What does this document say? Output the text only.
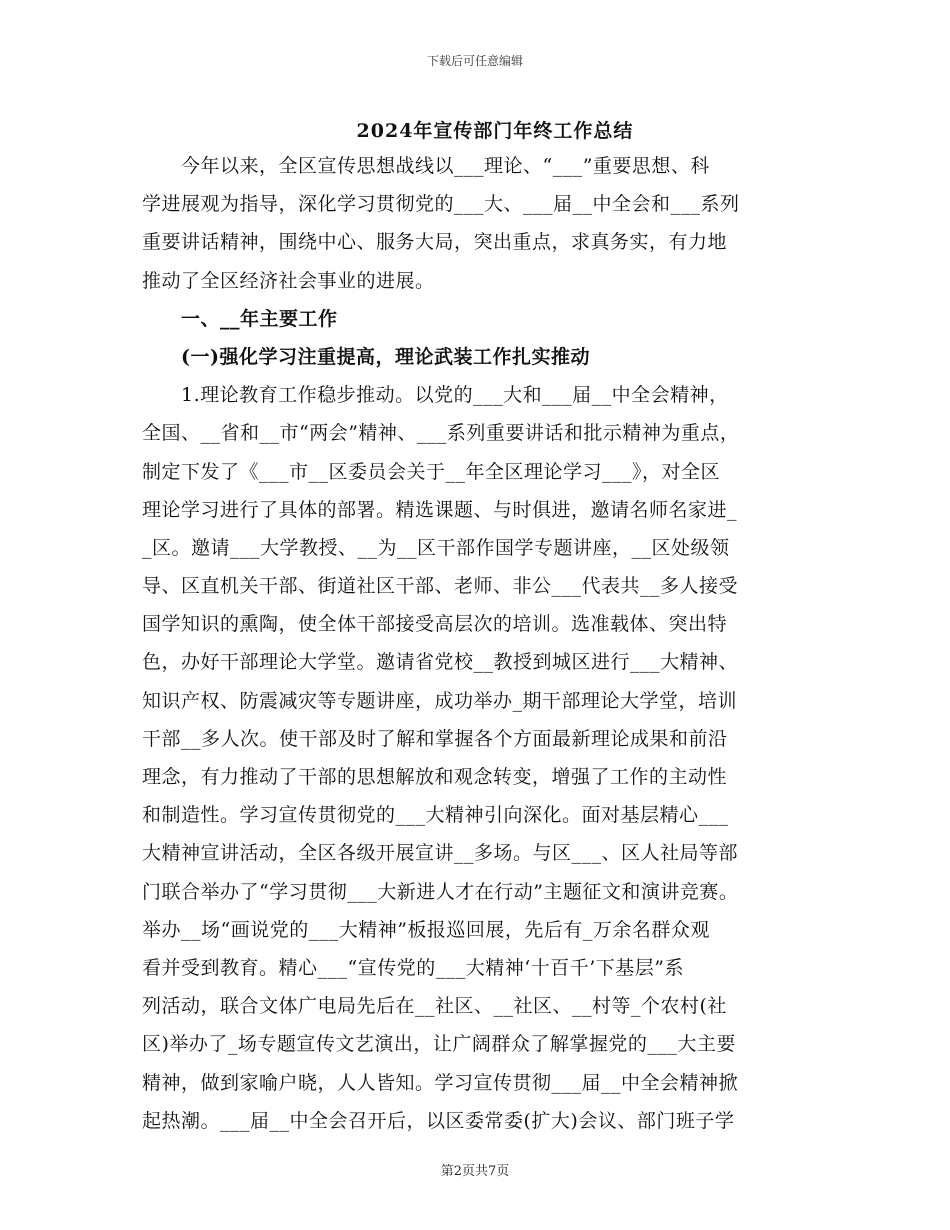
下载后可任意编辑
2024年宣传部门年终工作总结
　　今年以来，全区宣传思想战线以___理论、“___”重要思想、科
学进展观为指导，深化学习贯彻党的___大、___届__中全会和___系列
重要讲话精神，围绕中心、服务大局，突出重点，求真务实，有力地
推动了全区经济社会事业的进展。
　　一、__年主要工作
　　(一)强化学习注重提高，理论武装工作扎实推动
　　1.理论教育工作稳步推动。以党的___大和___届__中全会精神，
全国、__省和__市“两会”精神、___系列重要讲话和批示精神为重点，
制定下发了《___市__区委员会关于__年全区理论学习___》，对全区
理论学习进行了具体的部署。精选课题、与时俱进，邀请名师名家进_
_区。邀请___大学教授、__为__区干部作国学专题讲座，__区处级领
导、区直机关干部、街道社区干部、老师、非公___代表共__多人接受
国学知识的熏陶，使全体干部接受高层次的培训。选准载体、突出特
色，办好干部理论大学堂。邀请省党校__教授到城区进行___大精神、
知识产权、防震减灾等专题讲座，成功举办_期干部理论大学堂，培训
干部__多人次。使干部及时了解和掌握各个方面最新理论成果和前沿
理念，有力推动了干部的思想解放和观念转变，增强了工作的主动性
和制造性。学习宣传贯彻党的___大精神引向深化。面对基层精心___
大精神宣讲活动，全区各级开展宣讲__多场。与区___、区人社局等部
门联合举办了“学习贯彻___大新进人才在行动”主题征文和演讲竞赛。
举办__场“画说党的___大精神”板报巡回展，先后有_万余名群众观
看并受到教育。精心___“宣传党的___大精神‘十百千’下基层”系
列活动，联合文体广电局先后在__社区、__社区、__村等_个农村(社
区)举办了_场专题宣传文艺演出，让广阔群众了解掌握党的___大主要
精神，做到家喻户晓，人人皆知。学习宣传贯彻___届__中全会精神掀
起热潮。___届__中全会召开后，以区委常委(扩大)会议、部门班子学
第2页共7页
